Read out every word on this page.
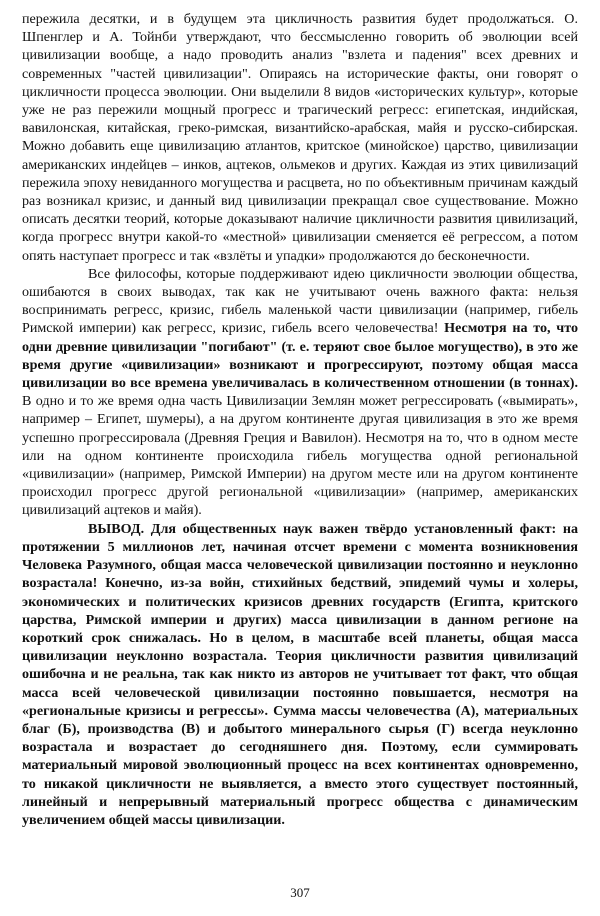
пережила десятки, и в будущем эта цикличность развития будет продолжаться. О. Шпенглер и А. Тойнби утверждают, что бессмысленно говорить об эволюции всей цивилизации вообще, а надо проводить анализ "взлета и падения" всех древних и современных "частей цивилизации". Опираясь на исторические факты, они говорят о цикличности процесса эволюции. Они выделили 8 видов «исторических культур», которые уже не раз пережили мощный прогресс и трагический регресс: египетская, индийская, вавилонская, китайская, греко-римская, византийско-арабская, майя и русско-сибирская. Можно добавить еще цивилизацию атлантов, критское (минойское) царство, цивилизации американских индейцев – инков, ацтеков, ольмеков и других. Каждая из этих цивилизаций пережила эпоху невиданного могущества и расцвета, но по объективным причинам каждый раз возникал кризис, и данный вид цивилизации прекращал свое существование. Можно описать десятки теорий, которые доказывают наличие цикличности развития цивилизаций, когда прогресс внутри какой-то «местной» цивилизации сменяется её регрессом, а потом опять наступает прогресс и так «взлёты и упадки» продолжаются до бесконечности.

Все философы, которые поддерживают идею цикличности эволюции общества, ошибаются в своих выводах, так как не учитывают очень важного факта: нельзя воспринимать регресс, кризис, гибель маленькой части цивилизации (например, гибель Римской империи) как регресс, кризис, гибель всего человечества! Несмотря на то, что одни древние цивилизации "погибают" (т. е. теряют свое былое могущество), в это же время другие «цивилизации» возникают и прогрессируют, поэтому общая масса цивилизации во все времена увеличивалась в количественном отношении (в тоннах). В одно и то же время одна часть Цивилизации Землян может регрессировать («вымирать», например – Египет, шумеры), а на другом континенте другая цивилизация в это же время успешно прогрессировала (Древняя Греция и Вавилон). Несмотря на то, что в одном месте или на одном континенте происходила гибель могущества одной региональной «цивилизации» (например, Римской Империи) на другом месте или на другом континенте происходил прогресс другой региональной «цивилизации» (например, американских цивилизаций ацтеков и майя).

ВЫВОД. Для общественных наук важен твёрдо установленный факт: на протяжении 5 миллионов лет, начиная отсчет времени с момента возникновения Человека Разумного, общая масса человеческой цивилизации постоянно и неуклонно возрастала! Конечно, из-за войн, стихийных бедствий, эпидемий чумы и холеры, экономических и политических кризисов древних государств (Египта, критского царства, Римской империи и других) масса цивилизации в данном регионе на короткий срок снижалась. Но в целом, в масштабе всей планеты, общая масса цивилизации неуклонно возрастала. Теория цикличности развития цивилизаций ошибочна и не реальна, так как никто из авторов не учитывает тот факт, что общая масса всей человеческой цивилизации постоянно повышается, несмотря на «региональные кризисы и регрессы». Сумма массы человечества (А), материальных благ (Б), производства (В) и добытого минерального сырья (Г) всегда неуклонно возрастала и возрастает до сегодняшнего дня. Поэтому, если суммировать материальный мировой эволюционный процесс на всех континентах одновременно, то никакой цикличности не выявляется, а вместо этого существует постоянный, линейный и непрерывный материальный прогресс общества с динамическим увеличением общей массы цивилизации.

307
